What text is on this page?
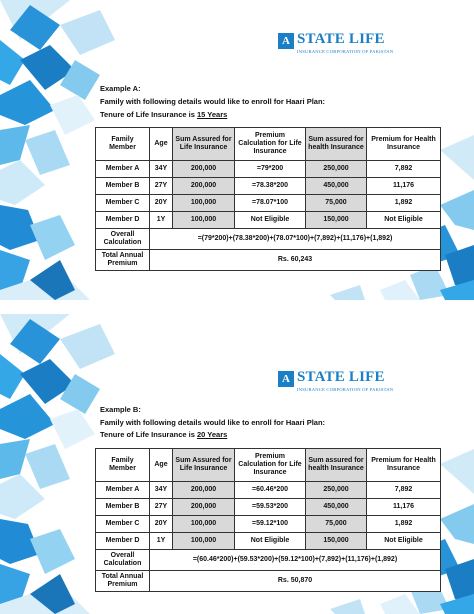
A STATE LIFE
INSURANCE CORPORATION OF PAKISTAN
Example A:
Family with following details would like to enroll for Haari Plan:
Tenure of Life Insurance is 15 Years
Family Member	Age	Sum Assured for Life Insurance	Premium Calculation for Life Insurance	Sum assured for health Insurance	Premium for Health Insurance
Member A	34Y	200,000	=79*200	250,000	7,892
Member B	27Y	200,000	=78.38*200	450,000	11,176
Member C	20Y	100,000	=78.07*100	75,000	1,892
Member D	1Y	100,000	Not Eligible	150,000	Not Eligible
Overall Calculation	=(79*200)+(78.38*200)+(78.07*100)+(7,892)+(11,176)+(1,892)				
Total Annual Premium	Rs. 60,243				
A STATE LIFE
INSURANCE CORPORATION OF PAKISTAN
Example B:
Family with following details would like to enroll for Haari Plan:
Tenure of Life Insurance is 20 Years
Family Member	Age	Sum Assured for Life Insurance	Premium Calculation for Life Insurance	Sum assured for health Insurance	Premium for Health Insurance
Member A	34Y	200,000	=60.46*200	250,000	7,892
Member B	27Y	200,000	=59.53*200	450,000	11,176
Member C	20Y	100,000	=59.12*100	75,000	1,892
Member D	1Y	100,000	Not Eligible	150,000	Not Eligible
Overall Calculation	=(60.46*200)+(59.53*200)+(59.12*100)+(7,892)+(11,176)+(1,892)				
Total Annual Premium	Rs. 50,870				
